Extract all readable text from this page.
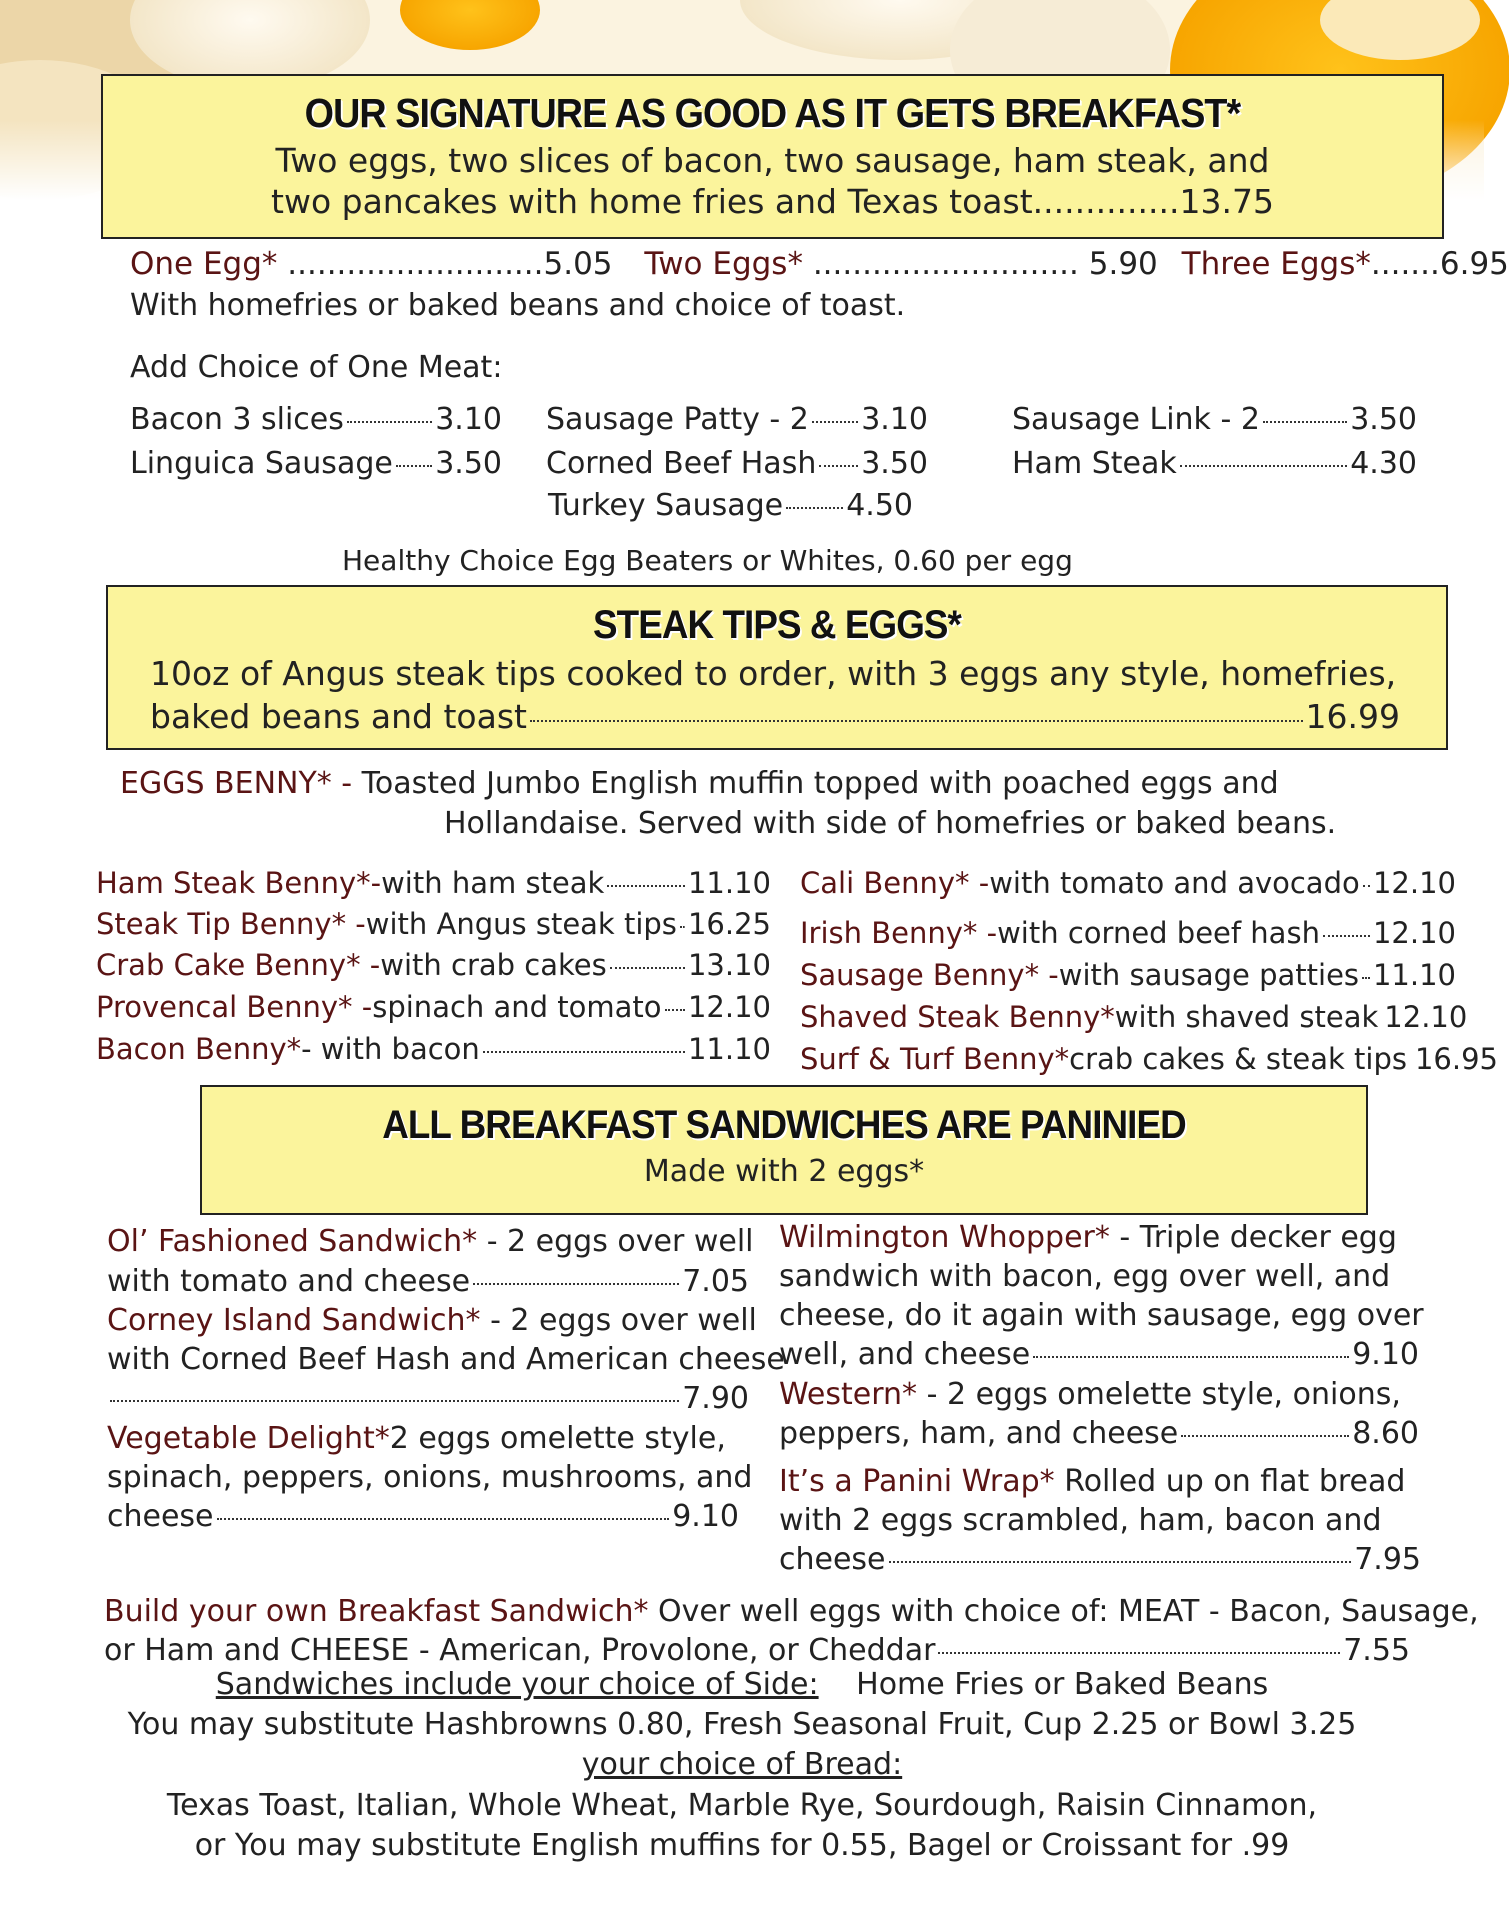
OUR SIGNATURE AS GOOD AS IT GETS BREAKFAST*
Two eggs, two slices of bacon, two sausage, ham steak, and
two pancakes with home fries and Texas toast..............13.75
One Egg* ..........................5.05 Two Eggs* ........................... 5.90 Three Eggs*.......6.95
With homefries or baked beans and choice of toast.
Add Choice of One Meat:
Bacon 3 slices	3.10 Sausage Patty - 2 3.10	Sausage Link - 2	3.50
Linguica Sausage 3.50 Corned Beef Hash 3.50	Ham Steak	4.30
Turkey Sausage 4.50
Healthy Choice Egg Beaters or Whites, 0.60 per egg
STEAK TIPS & EGGS*
10oz of Angus steak tips cooked to order, with 3 eggs any style, homefries,
baked beans and toast	16.99
EGGS BENNY* - Toasted Jumbo English muffin topped with poached eggs and
Hollandaise. Served with side of homefries or baked beans.
Ham Steak Benny*- with ham steak	11.10
Steak Tip Benny* - with Angus steak tips 16.25
Crab Cake Benny* - with crab cakes	13.10
Provencal Benny* - spinach and tomato 12.10
Bacon Benny* - with bacon	11.10
Cali Benny* - with tomato and avocado 12.10
Irish Benny* - with corned beef hash 12.10
Sausage Benny* - with sausage patties 11.10
Shaved Steak Benny* with shaved steak 12.10
Surf & Turf Benny* crab cakes & steak tips 16.95
ALL BREAKFAST SANDWICHES ARE PANINIED
Made with 2 eggs*
Ol’ Fashioned Sandwich* - 2 eggs over well
with tomato and cheese	7.05
Corney Island Sandwich* - 2 eggs over well
with Corned Beef Hash and American cheese
7.90
Vegetable Delight*2 eggs omelette style,
spinach, peppers, onions, mushrooms, and
cheese	9.10
Wilmington Whopper* - Triple decker egg
sandwich with bacon, egg over well, and
cheese, do it again with sausage, egg over
well, and cheese	9.10
Western* - 2 eggs omelette style, onions,
peppers, ham, and cheese	8.60
It’s a Panini Wrap* Rolled up on flat bread
with 2 eggs scrambled, ham, bacon and
cheese	7.95
Build your own Breakfast Sandwich* Over well eggs with choice of: MEAT - Bacon, Sausage,
or Ham and CHEESE - American, Provolone, or Cheddar	7.55
Sandwiches include your choice of Side: Home Fries or Baked Beans
You may substitute Hashbrowns 0.80, Fresh Seasonal Fruit, Cup 2.25 or Bowl 3.25
your choice of Bread:
Texas Toast, Italian, Whole Wheat, Marble Rye, Sourdough, Raisin Cinnamon,
or You may substitute English muffins for 0.55, Bagel or Croissant for .99
